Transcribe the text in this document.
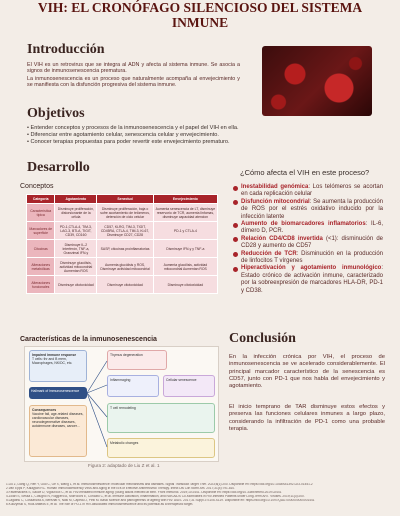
VIH: EL CRONÓFAGO SILENCIOSO DEL SISTEMA INMUNE
Introducción
El VIH es un retrovirus que se integra al ADN y afecta al sistema inmune. Se asocia a signos de inmunosenescencia prematura.
La inmunosenescencia es un proceso que naturalmente acompaña al envejecimiento y se manifiesta con la disfunción progresiva del sistema inmune.
Objetivos
• Entender conceptos y procesos de la inmunosenescencia y el papel del VIH en ella.
• Diferenciar entre agotamiento celular, senescencia celular y envejecimiento.
• Conocer terapias propuestas para poder revertir este envejecimiento prematuro.
Desarrollo
Conceptos
Categoría	Agotamiento	Senectud	Envejecimiento
Característica típica	Disminuye proliferación, distorsionante de la célula	Disminuye proliferación, baja o sufre acortamiento de telómeros, detención de ciclo celular	Aumenta senescencia de LT, disminuye reservorio de TCR, aumenta linfomas, disminuye capacidad atencion
Marcadores de superficie	PD-1,CTLA-4, TIM-3, LAG-3, BTLA, TIGIT, CD39, CD160	CD57, KLRG, TIM-3, TIGIT, CD45RA, CTLA-4, TIM-3, Ki-67, Disminuye CD27, CD28	PD-1 y CTLA-4
Citocinas	Disminuye IL-2 Interferón, TNF-a, Granzimal IFN-y	SASP, citocinas proinflamatorias	Disminuye IFN-y y TNF-a
Alteraciones metabólicas	Disminuye glucólisis, actividad mitocondrial Aumentan ROS	Aumenta glucólisis y ROS, Disminuye actividad mitocondrial	Aumenta glucólisis, actividad mitocondrial Aumentan ROS
Alteraciones funcionales	Disminuye citotoxicidad	Disminuye citotoxicidad	Disminuye citotoxicidad
¿Cómo afecta el VIH en este proceso?
Inestabilidad genómica: Los telómeros se acortan en cada replicación celular
Disfunción mitocondrial: Se aumenta la producción de ROS por el estrés oxidativo inducido por la infección latente
Aumento de biomarcadores inflamatorios: IL-6, dímero D, PCR.
Relación CD4/CD8 invertida (<1): disminución de CD28 y aumento de CD57
Reducción de TCR: Disminución en la producción de linfocitos T vírgenes
Hiperactivación y agotamiento inmunológico: Estado crónico de activación inmune, caracterizado por la sobreexpresión de marcadores HLA-DR, PD-1 y CD38.
Características de la inmunosenescencia
Impaired immune response
T cells: thr and B mem, Macrophages, NK/DC, etc.
Hallmark of immunosenescence
Consequences
Vaccine fail, age-related diseases, cardiovascular diseases, neurodegenerative diseases, autoimmune diseases, cancer...
Thymus degeneration
Inflammaging	Cellular senescence
T cell remodeling
Metabolic changes
Figura 2: adaptado de Liu Z et al. 1
Conclusión
En la infección crónica por VIH, el proceso de inmunosenescencia se ve acelerado considerablemente. El principal marcador característico de la senescencia es CD57, junto con PD-1 que nos habla del envejecimiento y agotamiento.
El inicio temprano de TAR disminuye estos efectos y preserva las funciones celulares inmunes a largo plazo, considerando la infiltración de PD-1 como una probable terapia.
1.Liu Z, Liang Q, Ren Y, Guo C, Ge X, Wang L, et al. Immunosenescence: molecular mechanisms and diseases. Signal Transduct Target Ther. 2023;8(1):200. Disponible en: https://doi.org/10.1038/s41392-023-01451-2
2.Van Epps P, Kalayjian RC. Human Immunodeficiency Virus and Aging in the Era of Effective Antiretroviral Therapy. Infect Dis Clin North Am. 2017;31(4):791-810.
3.Fastenackels S, Sauce D, Vigouroux C, et al. HIV-mediated immune aging: young adults infected at birth. Front Immunol. 2019;10:2441. Disponible en: https://doi.org/10.3389/fimmu.2019.02441
4.Zicari S, Sessa L, Cotugno N, Ruggiero A, Morrocchi E, Concato C, et al. Immune Activation, Inflammation, and Non-AIDS Co-Morbidities in HIV-Infected Patients under Long-Term ART. Viruses. 2019;11(3):200.
5.Lagathu C, Cossarizza A, Béréziat V, Nasi M, Capeau J, Pinti M. Basic science and pathogenesis of ageing with HIV. AIDS. 2017;31 Suppl 2:S105-S119. Disponible en: https://doi.org/10.1097/QAD.0000000000001441
6.Kuczynski S, Ruiz-Mateos E, et al. The role of PD-1 in HIV-associated immunosenescence and its potential as a therapeutic target.
